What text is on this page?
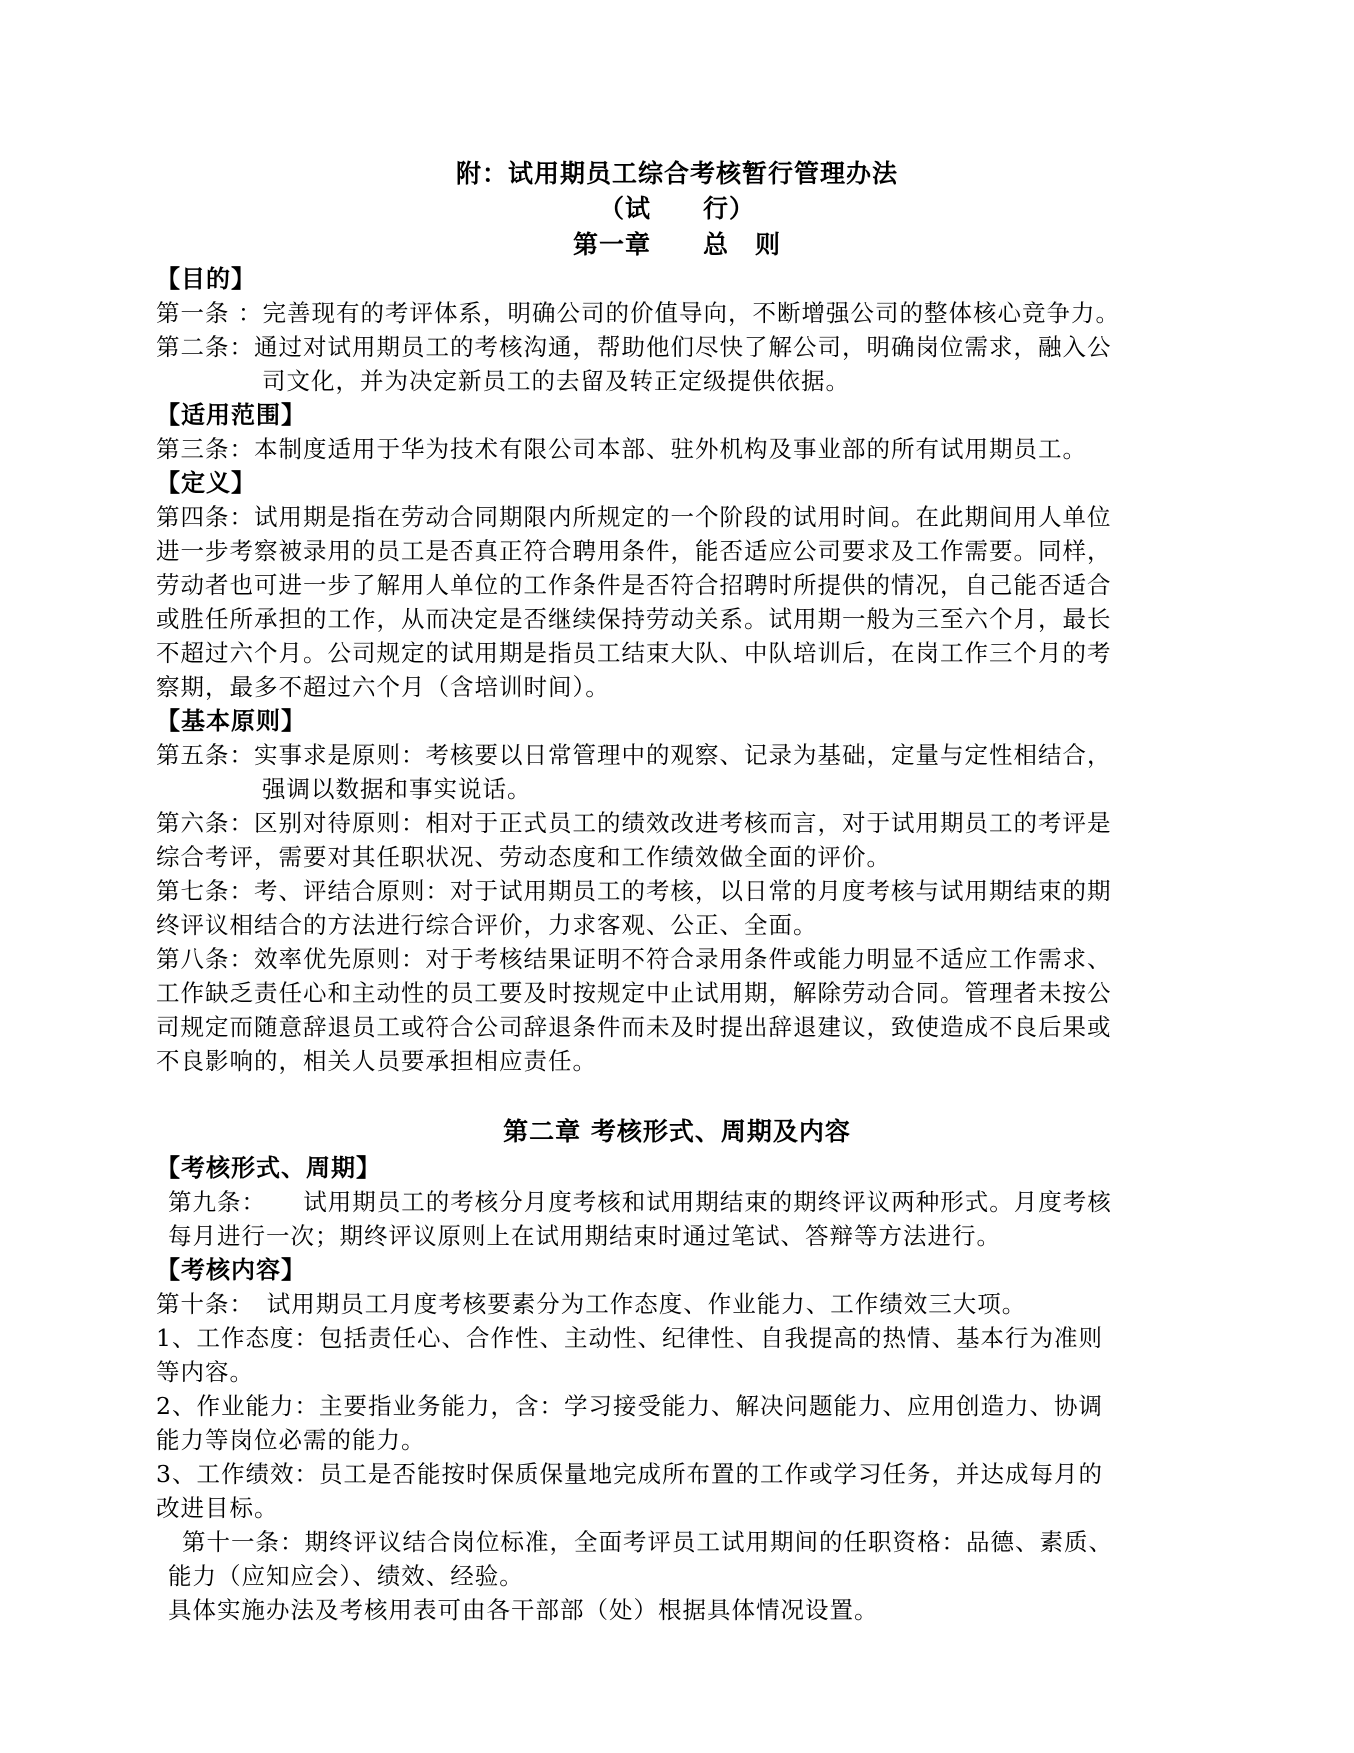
附：试用期员工综合考核暂行管理办法
（试　　行）
第一章　　总　则
【目的】
第一条 ：完善现有的考评体系，明确公司的价值导向，不断增强公司的整体核心竞争力。
第二条：通过对试用期员工的考核沟通，帮助他们尽快了解公司，明确岗位需求，融入公
司文化，并为决定新员工的去留及转正定级提供依据。
【适用范围】
第三条：本制度适用于华为技术有限公司本部、驻外机构及事业部的所有试用期员工。
【定义】
第四条：试用期是指在劳动合同期限内所规定的一个阶段的试用时间。在此期间用人单位
进一步考察被录用的员工是否真正符合聘用条件，能否适应公司要求及工作需要。同样，
劳动者也可进一步了解用人单位的工作条件是否符合招聘时所提供的情况，自己能否适合
或胜任所承担的工作，从而决定是否继续保持劳动关系。试用期一般为三至六个月，最长
不超过六个月。公司规定的试用期是指员工结束大队、中队培训后，在岗工作三个月的考
察期，最多不超过六个月（含培训时间）。
【基本原则】
第五条：实事求是原则：考核要以日常管理中的观察、记录为基础，定量与定性相结合，
强调以数据和事实说话。
第六条：区别对待原则：相对于正式员工的绩效改进考核而言，对于试用期员工的考评是
综合考评，需要对其任职状况、劳动态度和工作绩效做全面的评价。
第七条：考、评结合原则：对于试用期员工的考核，以日常的月度考核与试用期结束的期
终评议相结合的方法进行综合评价，力求客观、公正、全面。
第八条：效率优先原则：对于考核结果证明不符合录用条件或能力明显不适应工作需求、
工作缺乏责任心和主动性的员工要及时按规定中止试用期，解除劳动合同。管理者未按公
司规定而随意辞退员工或符合公司辞退条件而未及时提出辞退建议，致使造成不良后果或
不良影响的，相关人员要承担相应责任。
第二章 考核形式、周期及内容
【考核形式、周期】
第九条：　　试用期员工的考核分月度考核和试用期结束的期终评议两种形式。月度考核
每月进行一次；期终评议原则上在试用期结束时通过笔试、答辩等方法进行。
【考核内容】
第十条：　试用期员工月度考核要素分为工作态度、作业能力、工作绩效三大项。
1、工作态度：包括责任心、合作性、主动性、纪律性、自我提高的热情、基本行为准则
等内容。
2、作业能力：主要指业务能力，含：学习接受能力、解决问题能力、应用创造力、协调
能力等岗位必需的能力。
3、工作绩效：员工是否能按时保质保量地完成所布置的工作或学习任务，并达成每月的
改进目标。
第十一条：期终评议结合岗位标准，全面考评员工试用期间的任职资格：品德、素质、
能力（应知应会）、绩效、经验。
具体实施办法及考核用表可由各干部部（处）根据具体情况设置。
